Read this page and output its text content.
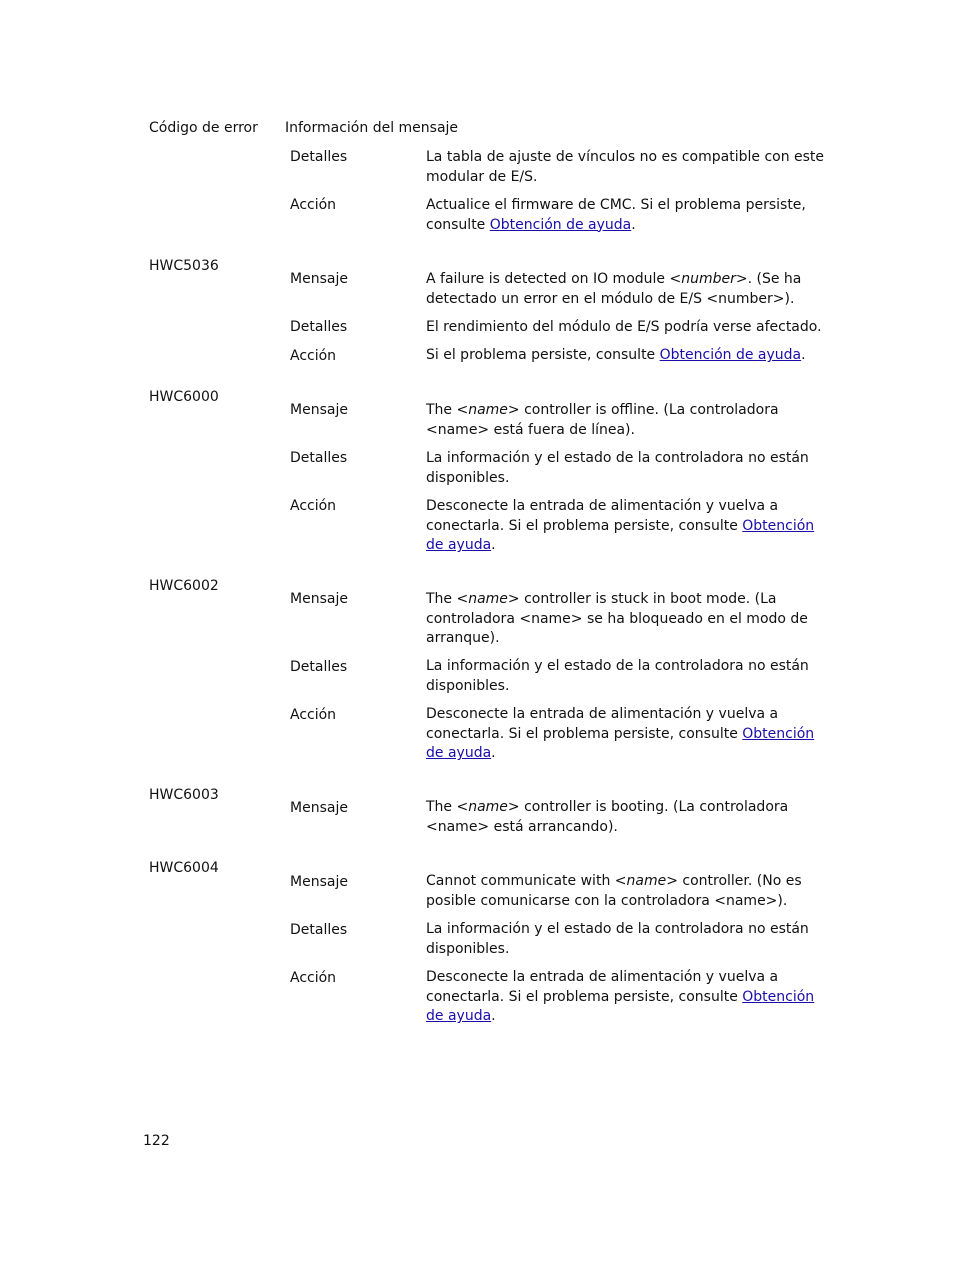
Código de error Información del mensaje
Detalles	La tabla de ajuste de vínculos no es compatible con este modular de E/S.
Acción	Actualice el firmware de CMC. Si el problema persiste, consulte Obtención de ayuda.
HWC5036
Mensaje	A failure is detected on IO module <number>. (Se ha detectado un error en el módulo de E/S <number>).
Detalles	El rendimiento del módulo de E/S podría verse afectado.
Acción	Si el problema persiste, consulte Obtención de ayuda.
HWC6000
Mensaje	The <name> controller is offline. (La controladora <name> está fuera de línea).
Detalles	La información y el estado de la controladora no están disponibles.
Acción	Desconecte la entrada de alimentación y vuelva a conectarla. Si el problema persiste, consulte Obtención de ayuda.
HWC6002
Mensaje	The <name> controller is stuck in boot mode. (La controladora <name> se ha bloqueado en el modo de arranque).
Detalles	La información y el estado de la controladora no están disponibles.
Acción	Desconecte la entrada de alimentación y vuelva a conectarla. Si el problema persiste, consulte Obtención de ayuda.
HWC6003
Mensaje	The <name> controller is booting. (La controladora <name> está arrancando).
HWC6004
Mensaje	Cannot communicate with <name> controller. (No es posible comunicarse con la controladora <name>).
Detalles	La información y el estado de la controladora no están disponibles.
Acción	Desconecte la entrada de alimentación y vuelva a conectarla. Si el problema persiste, consulte Obtención de ayuda.
122
